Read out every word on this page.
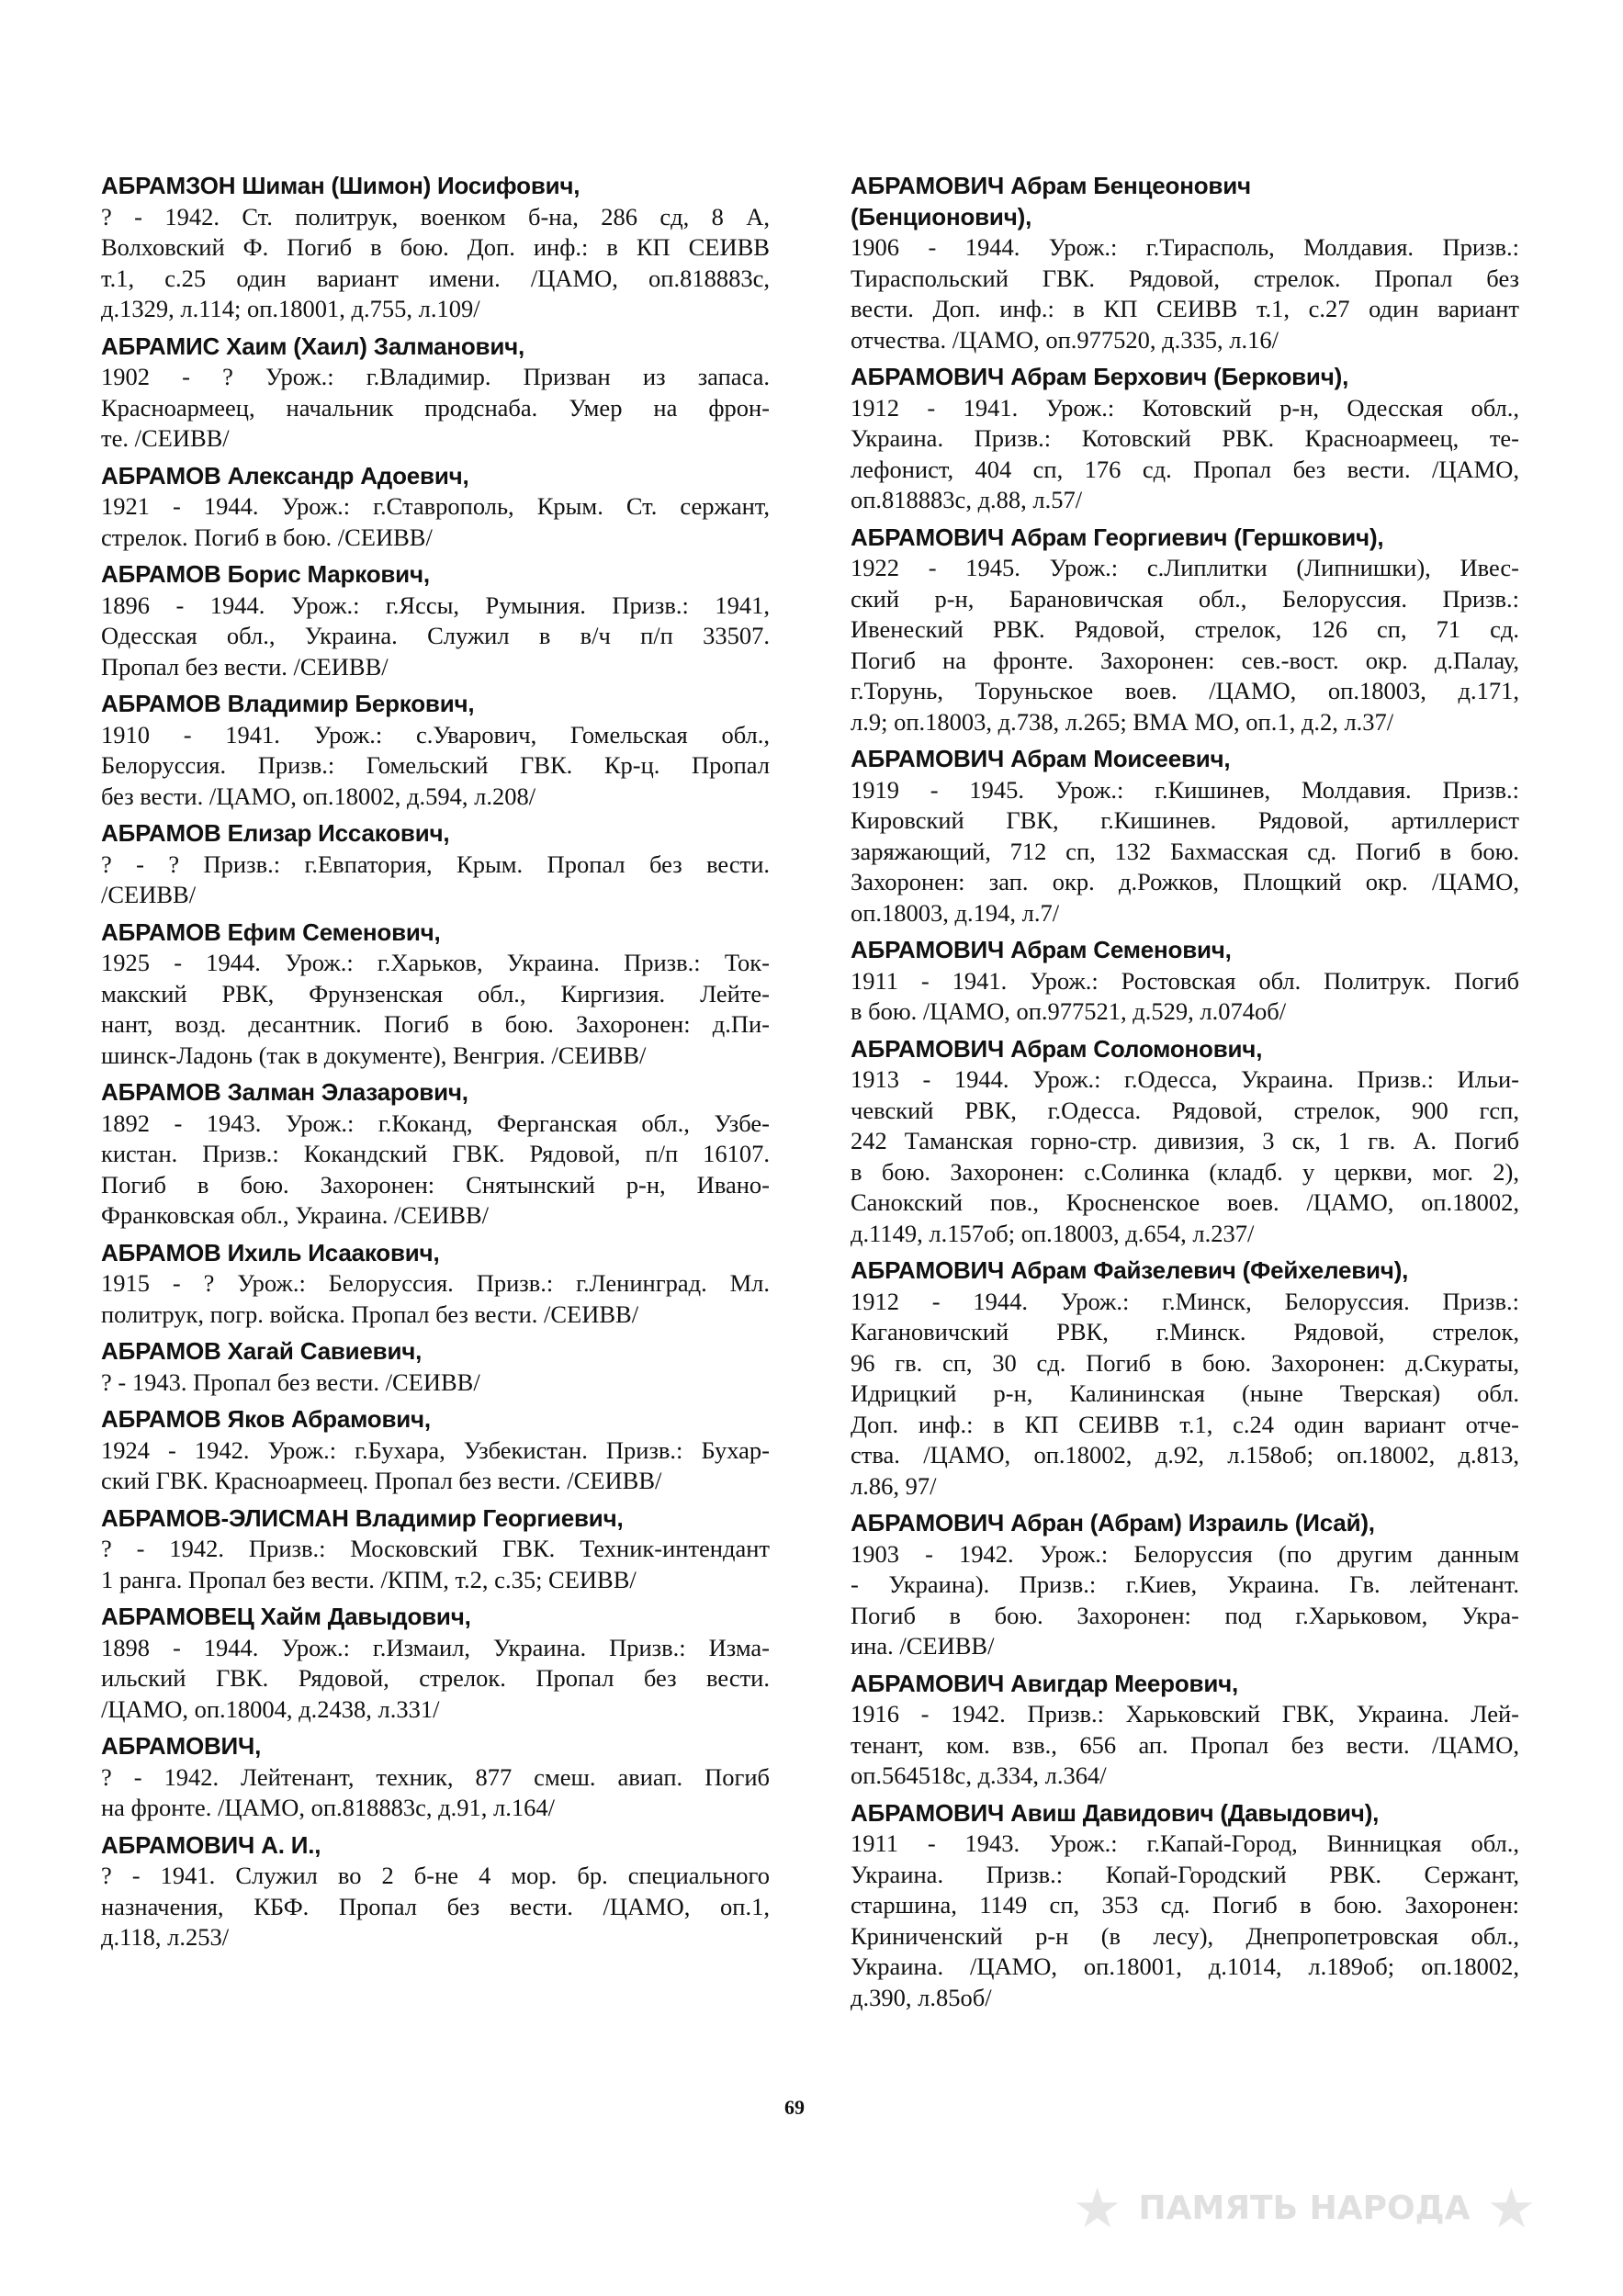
АБРАМЗОН Шиман (Шимон) Иосифович,
? - 1942. Ст. политрук, военком б-на, 286 сд, 8 А,
Волховский Ф. Погиб в бою. Доп. инф.: в КП СЕИВВ
т.1, с.25 один вариант имени. /ЦАМО, оп.818883с,
д.1329, л.114; оп.18001, д.755, л.109/
АБРАМИС Хаим (Хаил) Залманович,
1902 - ? Урож.: г.Владимир. Призван из запаса.
Красноармеец, начальник продснаба. Умер на фрон-
те. /СЕИВВ/
АБРАМОВ Александр Адоевич,
1921 - 1944. Урож.: г.Ставрополь, Крым. Ст. сержант,
стрелок. Погиб в бою. /СЕИВВ/
АБРАМОВ Борис Маркович,
1896 - 1944. Урож.: г.Яссы, Румыния. Призв.: 1941,
Одесская обл., Украина. Служил в в/ч п/п 33507.
Пропал без вести. /СЕИВВ/
АБРАМОВ Владимир Беркович,
1910 - 1941. Урож.: с.Уварович, Гомельская обл.,
Белоруссия. Призв.: Гомельский ГВК. Кр-ц. Пропал
без вести. /ЦАМО, оп.18002, д.594, л.208/
АБРАМОВ Елизар Иссакович,
? - ? Призв.: г.Евпатория, Крым. Пропал без вести.
/СЕИВВ/
АБРАМОВ Ефим Семенович,
1925 - 1944. Урож.: г.Харьков, Украина. Призв.: Ток-
макский РВК, Фрунзенская обл., Киргизия. Лейте-
нант, возд. десантник. Погиб в бою. Захоронен: д.Пи-
шинск-Ладонь (так в документе), Венгрия. /СЕИВВ/
АБРАМОВ Залман Элазарович,
1892 - 1943. Урож.: г.Коканд, Ферганская обл., Узбе-
кистан. Призв.: Кокандский ГВК. Рядовой, п/п 16107.
Погиб в бою. Захоронен: Снятынский р-н, Ивано-
Франковская обл., Украина. /СЕИВВ/
АБРАМОВ Ихиль Исаакович,
1915 - ? Урож.: Белоруссия. Призв.: г.Ленинград. Мл.
политрук, погр. войска. Пропал без вести. /СЕИВВ/
АБРАМОВ Хагай Савиевич,
? - 1943. Пропал без вести. /СЕИВВ/
АБРАМОВ Яков Абрамович,
1924 - 1942. Урож.: г.Бухара, Узбекистан. Призв.: Бухар-
ский ГВК. Красноармеец. Пропал без вести. /СЕИВВ/
АБРАМОВ-ЭЛИСМАН Владимир Георгиевич,
? - 1942. Призв.: Московский ГВК. Техник-интендант
1 ранга. Пропал без вести. /КПМ, т.2, с.35; СЕИВВ/
АБРАМОВЕЦ Хайм Давыдович,
1898 - 1944. Урож.: г.Измаил, Украина. Призв.: Изма-
ильский ГВК. Рядовой, стрелок. Пропал без вести.
/ЦАМО, оп.18004, д.2438, л.331/
АБРАМОВИЧ,
? - 1942. Лейтенант, техник, 877 смеш. авиап. Погиб
на фронте. /ЦАМО, оп.818883с, д.91, л.164/
АБРАМОВИЧ А. И.,
? - 1941. Служил во 2 б-не 4 мор. бр. специального
назначения, КБФ. Пропал без вести. /ЦАМО, оп.1,
д.118, л.253/
АБРАМОВИЧ Абрам Бенцеонович
(Бенционович),
1906 - 1944. Урож.: г.Тирасполь, Молдавия. Призв.:
Тираспольский ГВК. Рядовой, стрелок. Пропал без
вести. Доп. инф.: в КП СЕИВВ т.1, с.27 один вариант
отчества. /ЦАМО, оп.977520, д.335, л.16/
АБРАМОВИЧ Абрам Берхович (Беркович),
1912 - 1941. Урож.: Котовский р-н, Одесская обл.,
Украина. Призв.: Котовский РВК. Красноармеец, те-
лефонист, 404 сп, 176 сд. Пропал без вести. /ЦАМО,
оп.818883с, д.88, л.57/
АБРАМОВИЧ Абрам Георгиевич (Гершкович),
1922 - 1945. Урож.: с.Липлитки (Липнишки), Ивес-
ский р-н, Барановичская обл., Белоруссия. Призв.:
Ивенеский РВК. Рядовой, стрелок, 126 сп, 71 сд.
Погиб на фронте. Захоронен: сев.-вост. окр. д.Палау,
г.Торунь, Торуньское воев. /ЦАМО, оп.18003, д.171,
л.9; оп.18003, д.738, л.265; ВМА МО, оп.1, д.2, л.37/
АБРАМОВИЧ Абрам Моисеевич,
1919 - 1945. Урож.: г.Кишинев, Молдавия. Призв.:
Кировский ГВК, г.Кишинев. Рядовой, артиллерист
заряжающий, 712 сп, 132 Бахмасская сд. Погиб в бою.
Захоронен: зап. окр. д.Рожков, Площкий окр. /ЦАМО,
оп.18003, д.194, л.7/
АБРАМОВИЧ Абрам Семенович,
1911 - 1941. Урож.: Ростовская обл. Политрук. Погиб
в бою. /ЦАМО, оп.977521, д.529, л.074об/
АБРАМОВИЧ Абрам Соломонович,
1913 - 1944. Урож.: г.Одесса, Украина. Призв.: Ильи-
чевский РВК, г.Одесса. Рядовой, стрелок, 900 гсп,
242 Таманская горно-стр. дивизия, 3 ск, 1 гв. А. Погиб
в бою. Захоронен: с.Солинка (кладб. у церкви, мог. 2),
Санокский пов., Кросненское воев. /ЦАМО, оп.18002,
д.1149, л.157об; оп.18003, д.654, л.237/
АБРАМОВИЧ Абрам Файзелевич (Фейхелевич),
1912 - 1944. Урож.: г.Минск, Белоруссия. Призв.:
Кагановичский РВК, г.Минск. Рядовой, стрелок,
96 гв. сп, 30 сд. Погиб в бою. Захоронен: д.Скураты,
Идрицкий р-н, Калининская (ныне Тверская) обл.
Доп. инф.: в КП СЕИВВ т.1, с.24 один вариант отче-
ства. /ЦАМО, оп.18002, д.92, л.158об; оп.18002, д.813,
л.86, 97/
АБРАМОВИЧ Абран (Абрам) Израиль (Исай),
1903 - 1942. Урож.: Белоруссия (по другим данным
- Украина). Призв.: г.Киев, Украина. Гв. лейтенант.
Погиб в бою. Захоронен: под г.Харьковом, Укра-
ина. /СЕИВВ/
АБРАМОВИЧ Авигдар Меерович,
1916 - 1942. Призв.: Харьковский ГВК, Украина. Лей-
тенант, ком. взв., 656 ап. Пропал без вести. /ЦАМО,
оп.564518с, д.334, л.364/
АБРАМОВИЧ Авиш Давидович (Давыдович),
1911 - 1943. Урож.: г.Капай-Город, Винницкая обл.,
Украина. Призв.: Копай-Городский РВК. Сержант,
старшина, 1149 сп, 353 сд. Погиб в бою. Захоронен:
Криниченский р-н (в лесу), Днепропетровская обл.,
Украина. /ЦАМО, оп.18001, д.1014, л.189об; оп.18002,
д.390, л.85об/
69
★ ПАМЯТЬ НАРОДА ★
